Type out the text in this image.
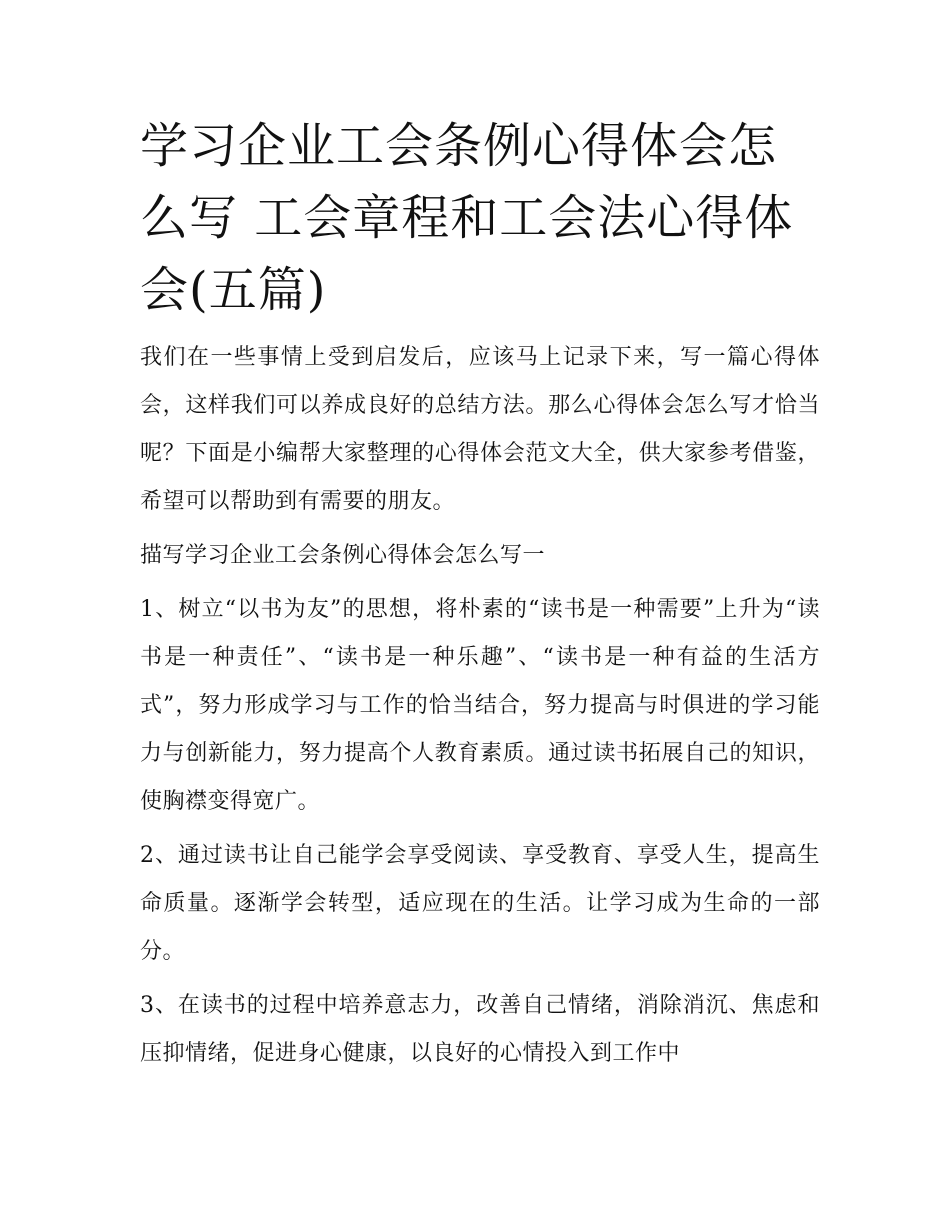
学习企业工会条例心得体会怎么写 工会章程和工会法心得体会(五篇)

我们在一些事情上受到启发后，应该马上记录下来，写一篇心得体会，这样我们可以养成良好的总结方法。那么心得体会怎么写才恰当呢？下面是小编帮大家整理的心得体会范文大全，供大家参考借鉴，希望可以帮助到有需要的朋友。

描写学习企业工会条例心得体会怎么写一

1、树立“以书为友”的思想，将朴素的“读书是一种需要”上升为“读书是一种责任”、“读书是一种乐趣”、“读书是一种有益的生活方式”，努力形成学习与工作的恰当结合，努力提高与时俱进的学习能力与创新能力，努力提高个人教育素质。通过读书拓展自己的知识，使胸襟变得宽广。

2、通过读书让自己能学会享受阅读、享受教育、享受人生，提高生命质量。逐渐学会转型，适应现在的生活。让学习成为生命的一部分。

3、在读书的过程中培养意志力，改善自己情绪，消除消沉、焦虑和压抑情绪，促进身心健康，以良好的心情投入到工作中
